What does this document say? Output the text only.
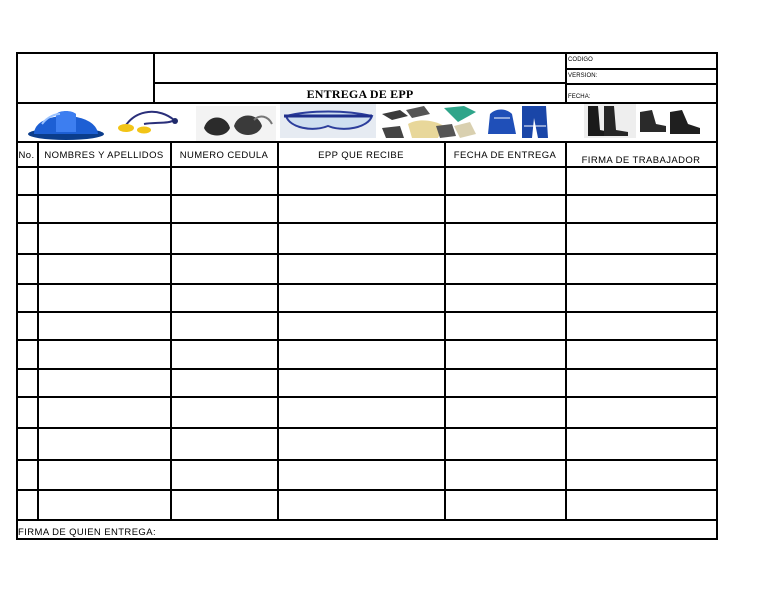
ENTREGA DE EPP
CODIGO
VERSION:
FECHA:
No.	NOMBRES Y APELLIDOS	NUMERO CEDULA	EPP QUE RECIBE	FECHA DE ENTREGA	FIRMA DE TRABAJADOR
FIRMA DE QUIEN ENTREGA:
